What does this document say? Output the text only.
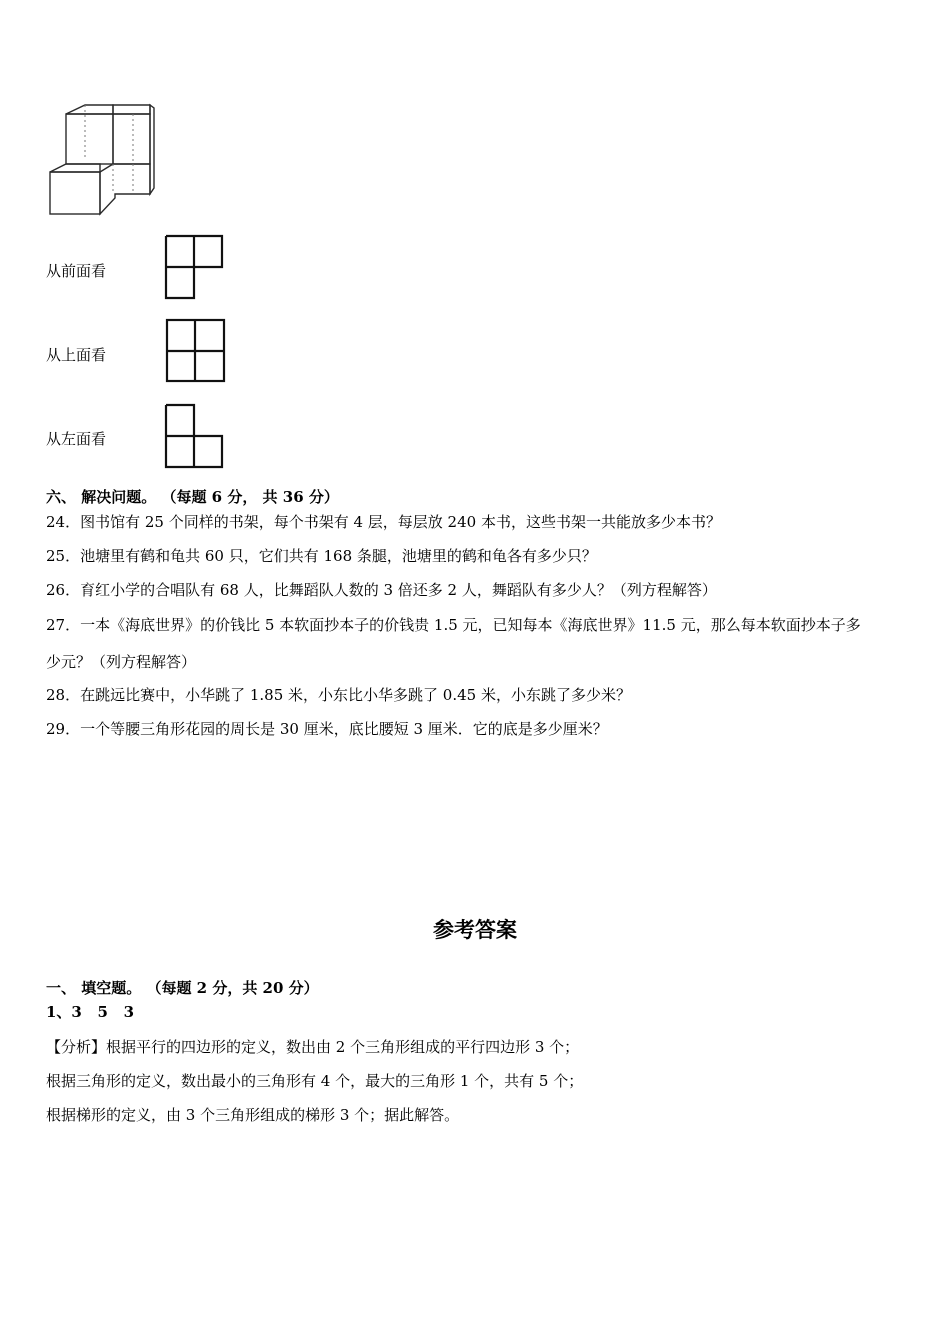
从前面看
从上面看
从左面看
六、 解决问题。 （每题 6 分， 共 36 分）
24．图书馆有 25 个同样的书架，每个书架有 4 层，每层放 240 本书，这些书架一共能放多少本书？
25．池塘里有鹤和龟共 60 只，它们共有 168 条腿，池塘里的鹤和龟各有多少只？
26．育红小学的合唱队有 68 人，比舞蹈队人数的 3 倍还多 2 人，舞蹈队有多少人？（列方程解答）
27．一本《海底世界》的价钱比 5 本软面抄本子的价钱贵 1.5 元，已知每本《海底世界》11.5 元，那么每本软面抄本子多
少元？（列方程解答）
28．在跳远比赛中，小华跳了 1.85 米，小东比小华多跳了 0.45 米，小东跳了多少米？
29．一个等腰三角形花园的周长是 30 厘米，底比腰短 3 厘米．它的底是多少厘米？
参考答案
一、 填空题。 （每题 2 分，共 20 分）
1、3   5   3
【分析】根据平行的四边形的定义，数出由 2 个三角形组成的平行四边形 3 个；
根据三角形的定义，数出最小的三角形有 4 个，最大的三角形 1 个，共有 5 个；
根据梯形的定义，由 3 个三角形组成的梯形 3 个；据此解答。
